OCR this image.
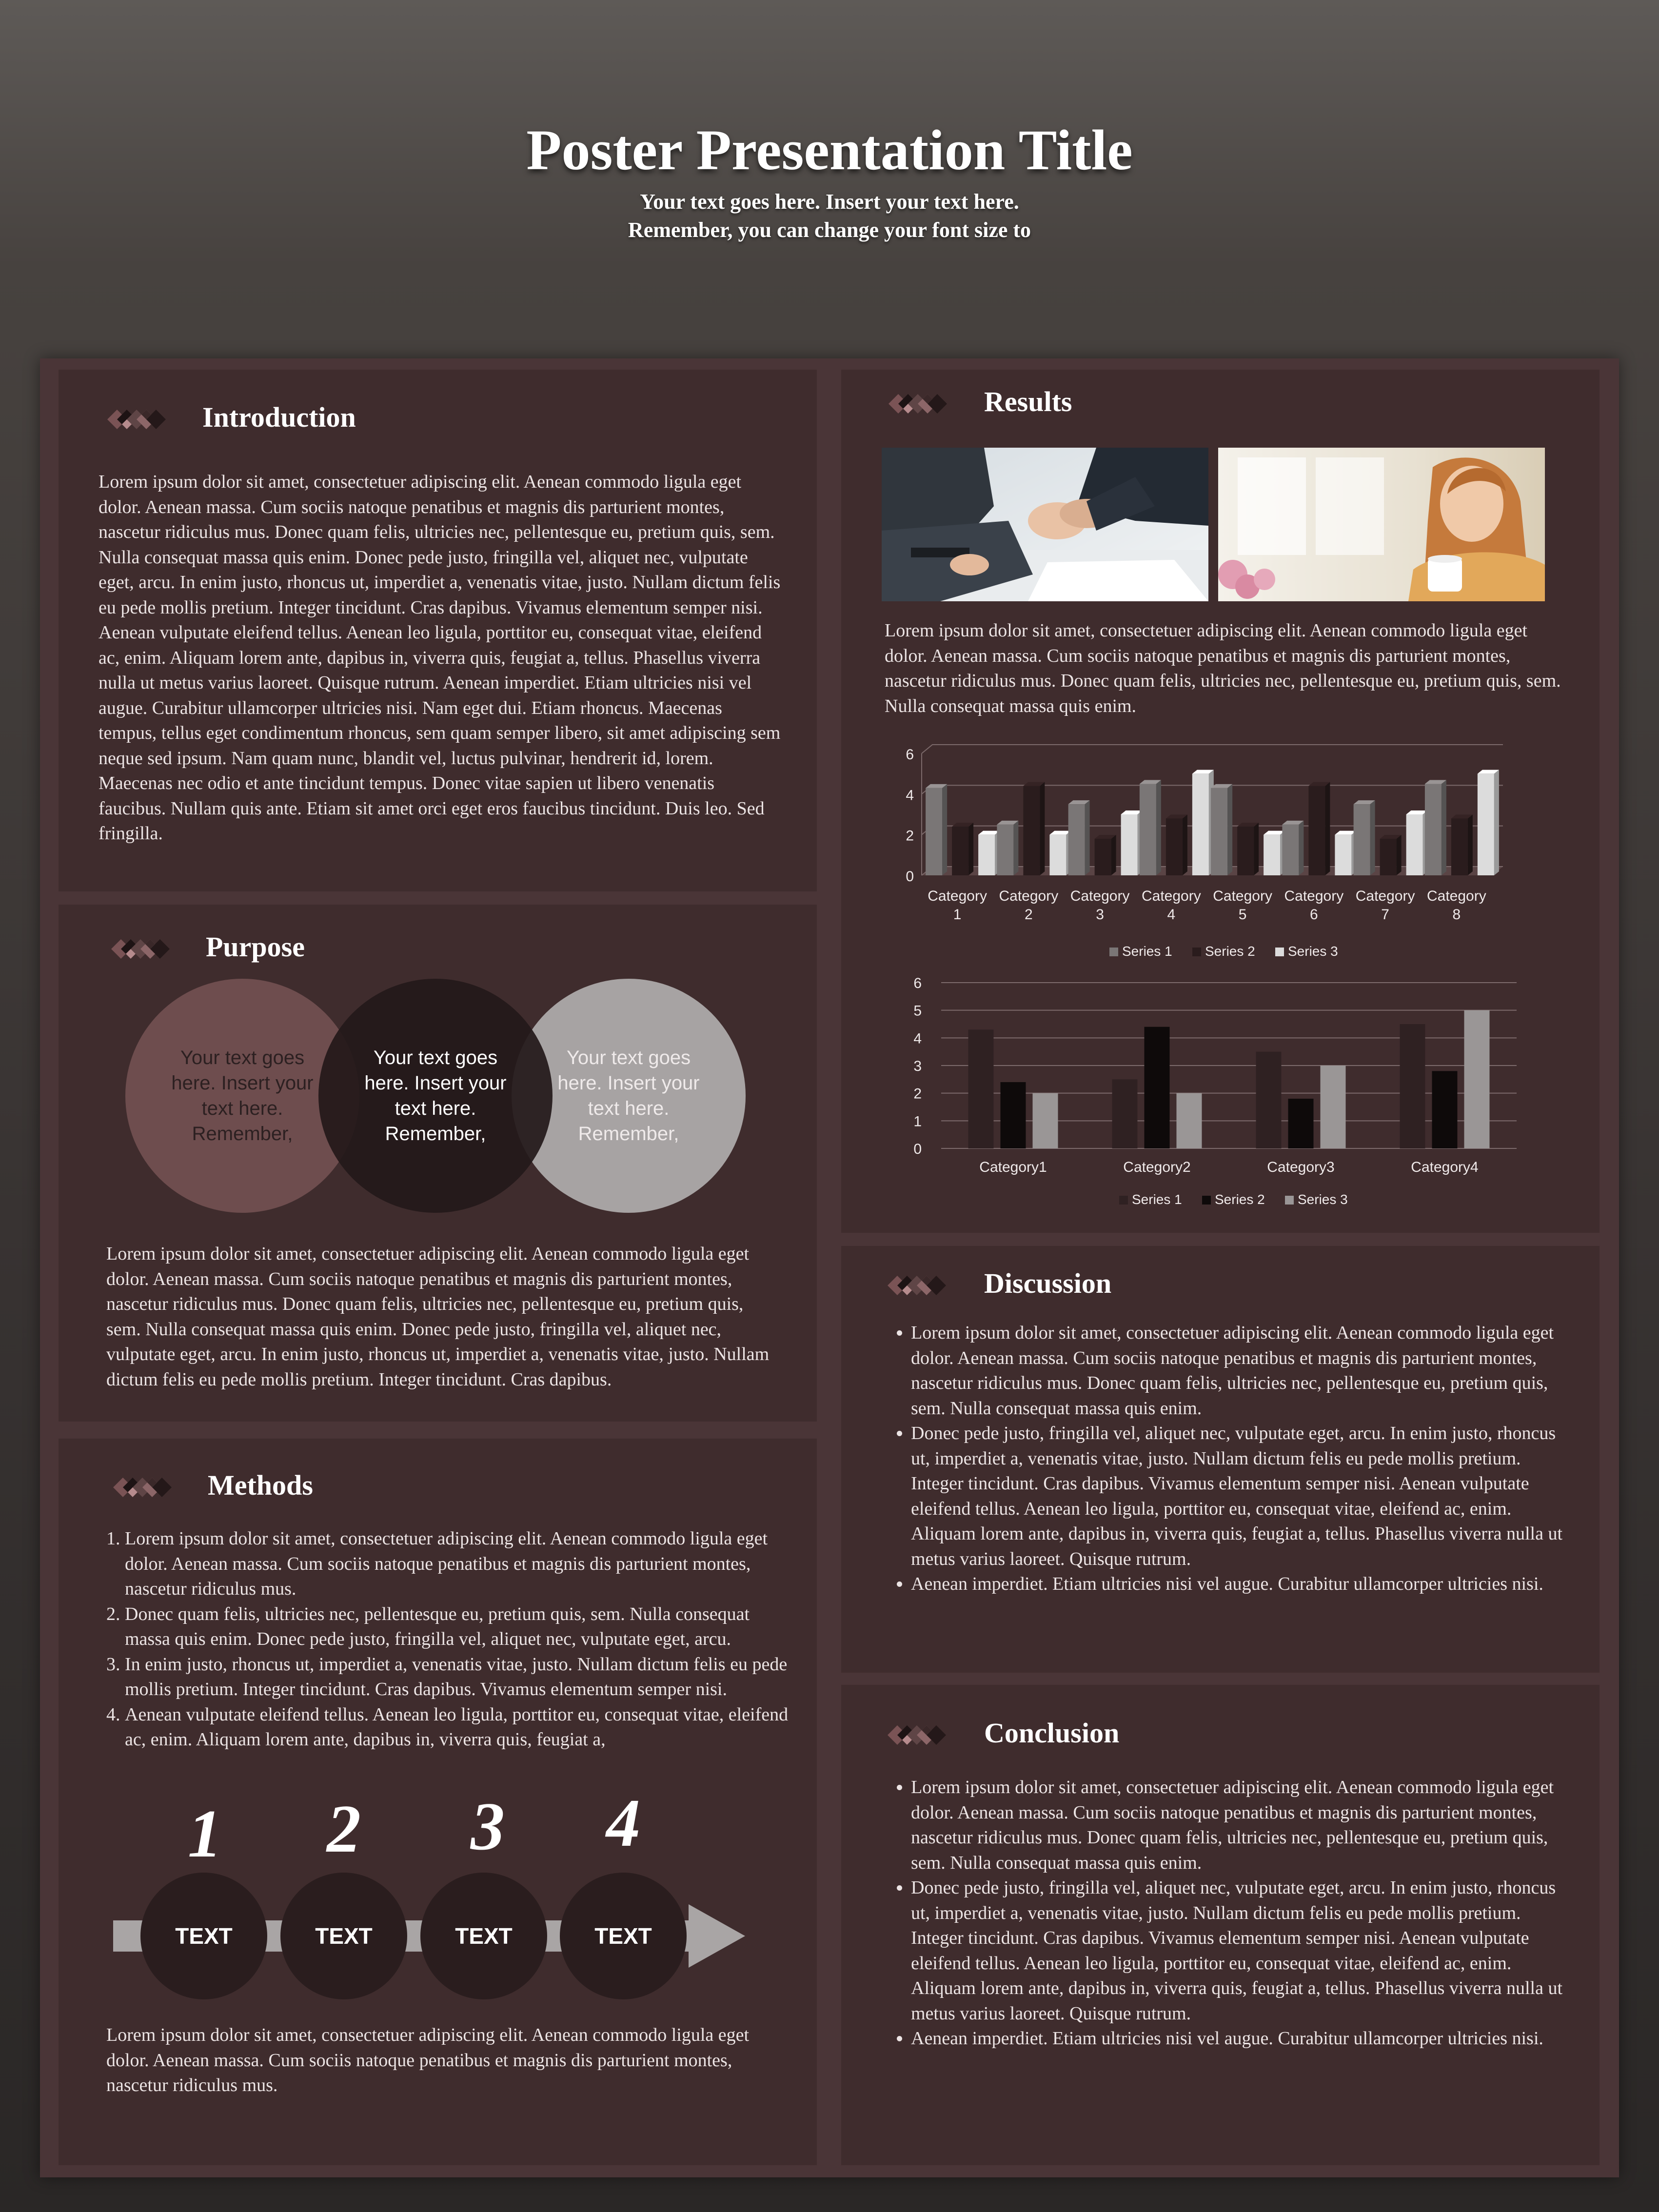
Poster Presentation Title
Your text goes here. Insert your text here.
Remember, you can change your font size to
Introduction
Lorem ipsum dolor sit amet, consectetuer adipiscing elit. Aenean commodo ligula eget dolor. Aenean massa. Cum sociis natoque penatibus et magnis dis parturient montes, nascetur ridiculus mus. Donec quam felis, ultricies nec, pellentesque eu, pretium quis, sem. Nulla consequat massa quis enim. Donec pede justo, fringilla vel, aliquet nec, vulputate eget, arcu. In enim justo, rhoncus ut, imperdiet a, venenatis vitae, justo. Nullam dictum felis eu pede mollis pretium. Integer tincidunt. Cras dapibus. Vivamus elementum semper nisi. Aenean vulputate eleifend tellus. Aenean leo ligula, porttitor eu, consequat vitae, eleifend ac, enim. Aliquam lorem ante, dapibus in, viverra quis, feugiat a, tellus. Phasellus viverra nulla ut metus varius laoreet. Quisque rutrum. Aenean imperdiet. Etiam ultricies nisi vel augue. Curabitur ullamcorper ultricies nisi. Nam eget dui. Etiam rhoncus. Maecenas tempus, tellus eget condimentum rhoncus, sem quam semper libero, sit amet adipiscing sem neque sed ipsum. Nam quam nunc, blandit vel, luctus pulvinar, hendrerit id, lorem. Maecenas nec odio et ante tincidunt tempus. Donec vitae sapien ut libero venenatis faucibus. Nullam quis ante. Etiam sit amet orci eget eros faucibus tincidunt. Duis leo. Sed fringilla.
Purpose
Your text goes here. Insert your text here. Remember,
Your text goes here. Insert your text here. Remember,
Your text goes here. Insert your text here. Remember,
Lorem ipsum dolor sit amet, consectetuer adipiscing elit. Aenean commodo ligula eget dolor. Aenean massa. Cum sociis natoque penatibus et magnis dis parturient montes, nascetur ridiculus mus. Donec quam felis, ultricies nec, pellentesque eu, pretium quis, sem. Nulla consequat massa quis enim. Donec pede justo, fringilla vel, aliquet nec, vulputate eget, arcu. In enim justo, rhoncus ut, imperdiet a, venenatis vitae, justo. Nullam dictum felis eu pede mollis pretium. Integer tincidunt. Cras dapibus.
Methods
1. Lorem ipsum dolor sit amet, consectetuer adipiscing elit. Aenean commodo ligula eget dolor. Aenean massa. Cum sociis natoque penatibus et magnis dis parturient montes, nascetur ridiculus mus.
2. Donec quam felis, ultricies nec, pellentesque eu, pretium quis, sem. Nulla consequat massa quis enim. Donec pede justo, fringilla vel, aliquet nec, vulputate eget, arcu.
3. In enim justo, rhoncus ut, imperdiet a, venenatis vitae, justo. Nullam dictum felis eu pede mollis pretium. Integer tincidunt. Cras dapibus. Vivamus elementum semper nisi.
4. Aenean vulputate eleifend tellus. Aenean leo ligula, porttitor eu, consequat vitae, eleifend ac, enim. Aliquam lorem ante, dapibus in, viverra quis, feugiat a,
1	2	3	4
TEXT	TEXT	TEXT	TEXT
Lorem ipsum dolor sit amet, consectetuer adipiscing elit. Aenean commodo ligula eget dolor. Aenean massa. Cum sociis natoque penatibus et magnis dis parturient montes, nascetur ridiculus mus.
Results
Lorem ipsum dolor sit amet, consectetuer adipiscing elit. Aenean commodo ligula eget dolor. Aenean massa. Cum sociis natoque penatibus et magnis dis parturient montes, nascetur ridiculus mus. Donec quam felis, ultricies nec, pellentesque eu, pretium quis, sem. Nulla consequat massa quis enim.
0
2
4
6
Category
1
Category
2
Category
3
Category
4
Category
5
Category
6
Category
7
Category
8
Series 1 Series 2 Series 3
0
1
2
3
4
5
6
Category1	Category2	Category3	Category4
Series 1 Series 2 Series 3
Discussion
• Lorem ipsum dolor sit amet, consectetuer adipiscing elit. Aenean commodo ligula eget dolor. Aenean massa. Cum sociis natoque penatibus et magnis dis parturient montes, nascetur ridiculus mus. Donec quam felis, ultricies nec, pellentesque eu, pretium quis, sem. Nulla consequat massa quis enim.
• Donec pede justo, fringilla vel, aliquet nec, vulputate eget, arcu. In enim justo, rhoncus ut, imperdiet a, venenatis vitae, justo. Nullam dictum felis eu pede mollis pretium. Integer tincidunt. Cras dapibus. Vivamus elementum semper nisi. Aenean vulputate eleifend tellus. Aenean leo ligula, porttitor eu, consequat vitae, eleifend ac, enim. Aliquam lorem ante, dapibus in, viverra quis, feugiat a, tellus. Phasellus viverra nulla ut metus varius laoreet. Quisque rutrum.
• Aenean imperdiet. Etiam ultricies nisi vel augue. Curabitur ullamcorper ultricies nisi.
Conclusion
• Lorem ipsum dolor sit amet, consectetuer adipiscing elit. Aenean commodo ligula eget dolor. Aenean massa. Cum sociis natoque penatibus et magnis dis parturient montes, nascetur ridiculus mus. Donec quam felis, ultricies nec, pellentesque eu, pretium quis, sem. Nulla consequat massa quis enim.
• Donec pede justo, fringilla vel, aliquet nec, vulputate eget, arcu. In enim justo, rhoncus ut, imperdiet a, venenatis vitae, justo. Nullam dictum felis eu pede mollis pretium. Integer tincidunt. Cras dapibus. Vivamus elementum semper nisi. Aenean vulputate eleifend tellus. Aenean leo ligula, porttitor eu, consequat vitae, eleifend ac, enim. Aliquam lorem ante, dapibus in, viverra quis, feugiat a, tellus. Phasellus viverra nulla ut metus varius laoreet. Quisque rutrum.
• Aenean imperdiet. Etiam ultricies nisi vel augue. Curabitur ullamcorper ultricies nisi.
